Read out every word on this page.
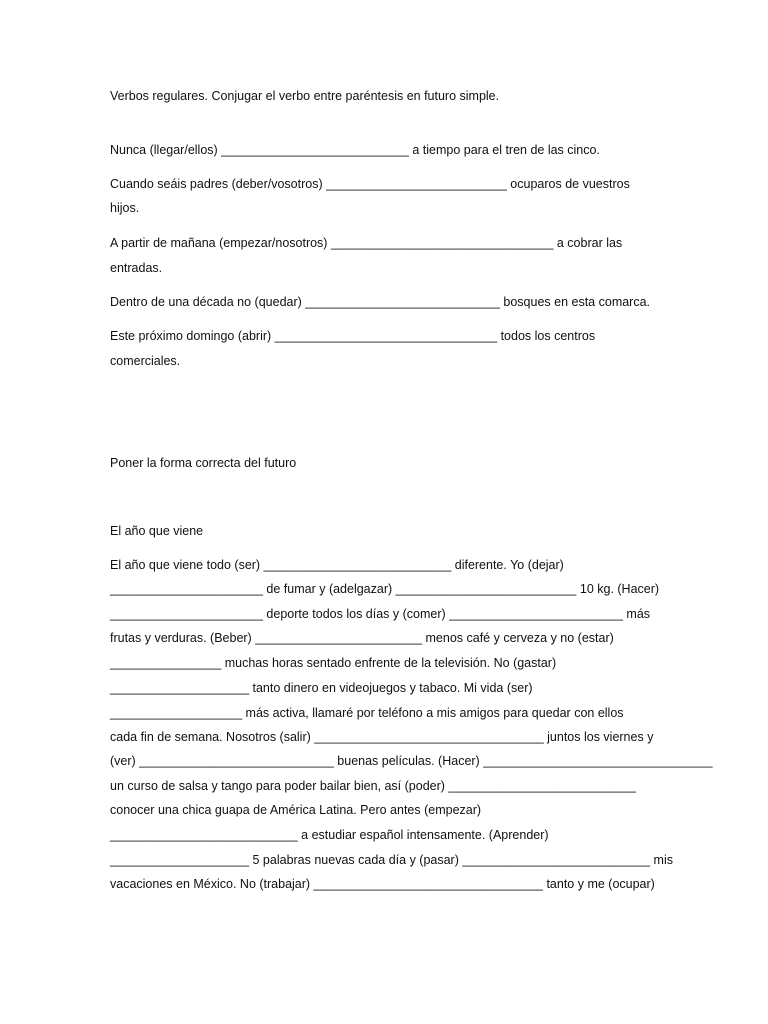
Verbos regulares. Conjugar el verbo entre paréntesis en futuro simple.
Nunca (llegar/ellos) ___________________________ a tiempo para el tren de las cinco.
Cuando seáis padres (deber/vosotros) __________________________ ocuparos de vuestros
hijos.
A partir de mañana (empezar/nosotros) ________________________________ a cobrar las
entradas.
Dentro de una década no (quedar) ____________________________ bosques en esta comarca.
Este próximo domingo (abrir) ________________________________ todos los centros
comerciales.
Poner la forma correcta del futuro
El año que viene
El año que viene todo (ser) ___________________________ diferente. Yo (dejar)
______________________ de fumar y (adelgazar) __________________________ 10 kg. (Hacer)
______________________ deporte todos los días y (comer) _________________________ más
frutas y verduras. (Beber) ________________________ menos café y cerveza y no (estar)
________________ muchas horas sentado enfrente de la televisión. No (gastar)
____________________ tanto dinero en videojuegos y tabaco. Mi vida (ser)
___________________ más activa, llamaré por teléfono a mis amigos para quedar con ellos
cada fin de semana. Nosotros (salir) _________________________________ juntos los viernes y
(ver) ____________________________ buenas películas. (Hacer) _________________________________
un curso de salsa y tango para poder bailar bien, así (poder) ___________________________
conocer una chica guapa de América Latina. Pero antes (empezar)
___________________________ a estudiar español intensamente. (Aprender)
____________________ 5 palabras nuevas cada día y (pasar) ___________________________ mis
vacaciones en México. No (trabajar) _________________________________ tanto y me (ocupar)
